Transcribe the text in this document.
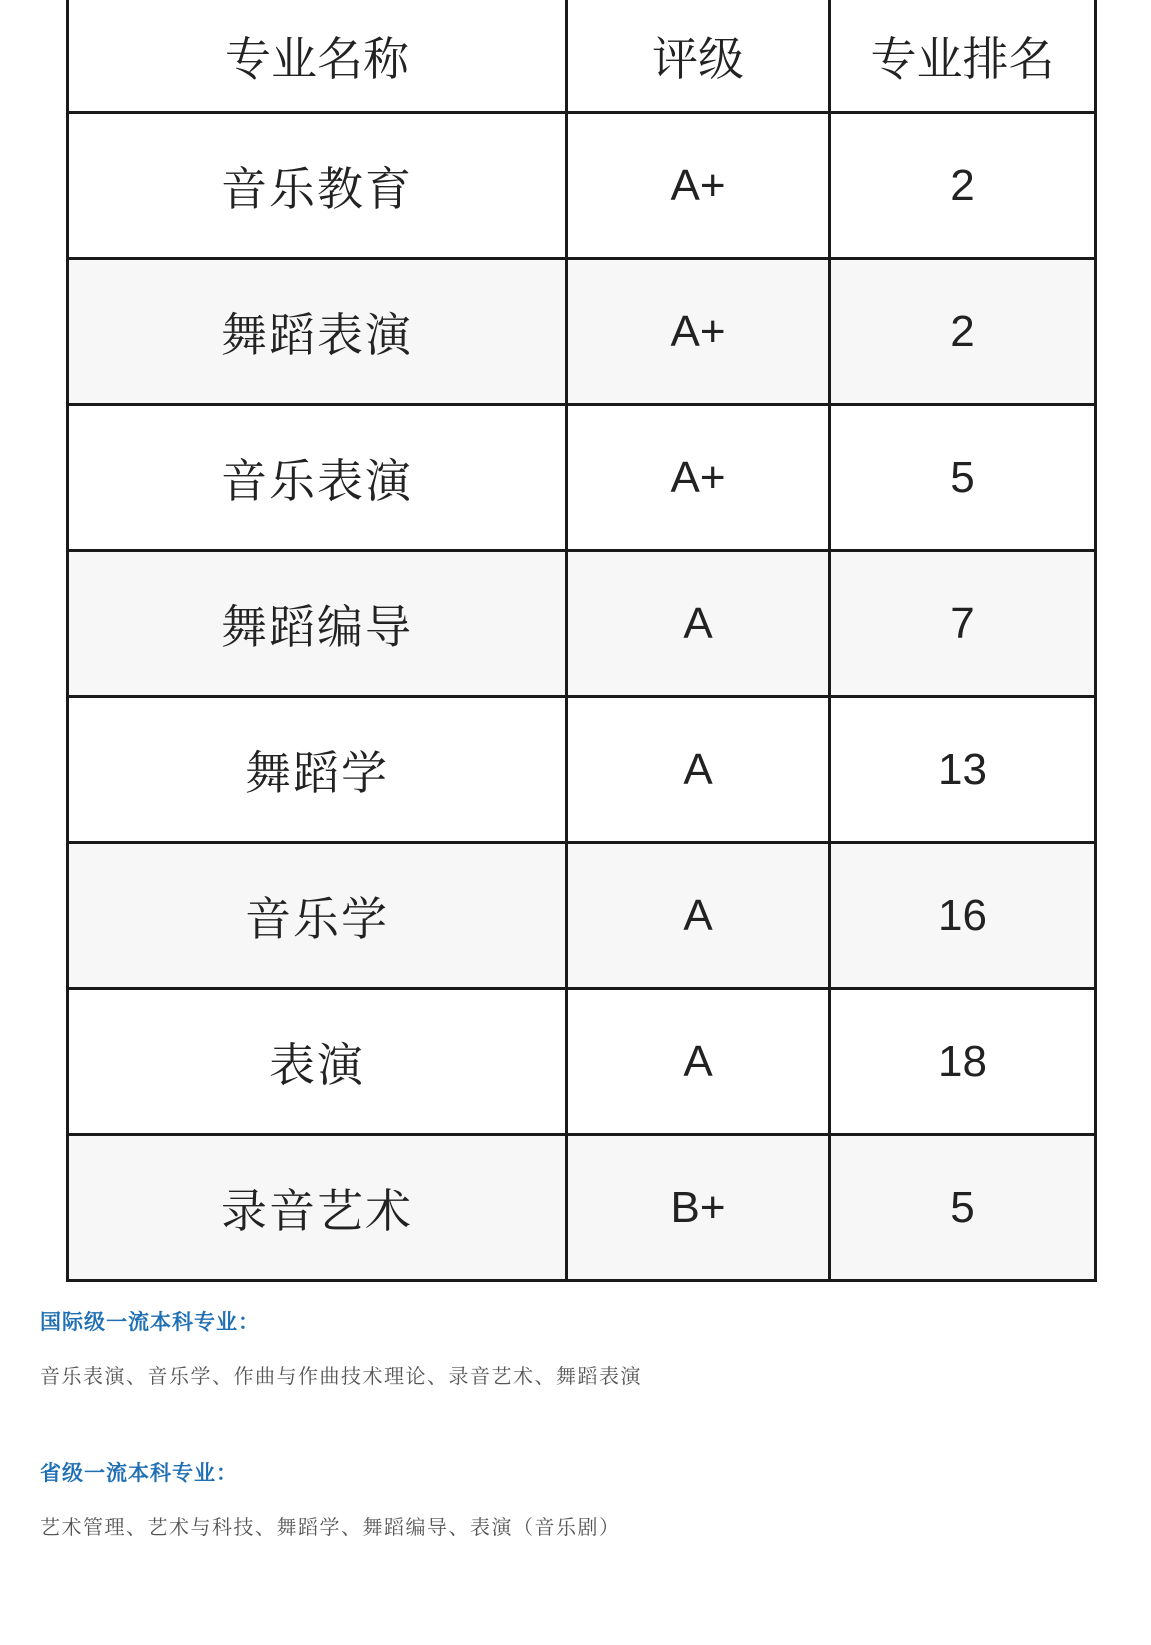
专业名称	评级	专业排名
音乐教育	A+	2
舞蹈表演	A+	2
音乐表演	A+	5
舞蹈编导	A	7
舞蹈学	A	13
音乐学	A	16
表演	A	18
录音艺术	B+	5

国际级一流本科专业：

音乐表演、音乐学、作曲与作曲技术理论、录音艺术、舞蹈表演

省级一流本科专业：

艺术管理、艺术与科技、舞蹈学、舞蹈编导、表演（音乐剧）
